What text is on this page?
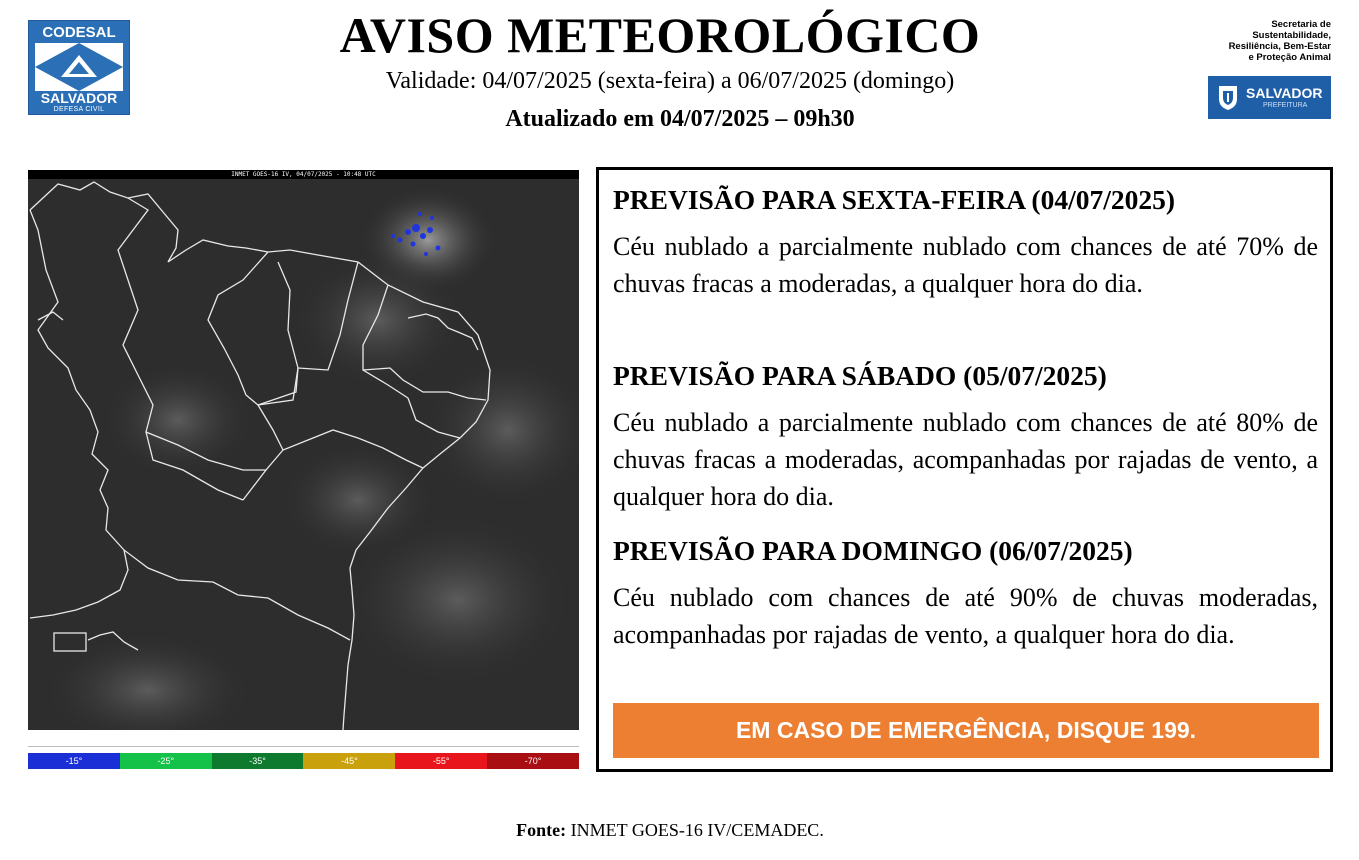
CODESAL
SALVADOR
DEFESA CIVIL
AVISO METEOROLÓGICO
Validade: 04/07/2025 (sexta-feira) a 06/07/2025 (domingo)
Atualizado em 04/07/2025 – 09h30
Secretaria de
Sustentabilidade,
Resiliência, Bem-Estar
e Proteção Animal
SALVADOR
PREFEITURA
INMET GOES-16 IV, 04/07/2025 - 10:48 UTC
-15°	-25°	-35°	-45°	-55°	-70°
PREVISÃO PARA SEXTA-FEIRA (04/07/2025)
Céu nublado a parcialmente nublado com chances de até 70% de chuvas fracas a moderadas, a qualquer hora do dia.
PREVISÃO PARA SÁBADO (05/07/2025)
Céu nublado a parcialmente nublado com chances de até 80% de chuvas fracas a moderadas, acompanhadas por rajadas de vento, a qualquer hora do dia.
PREVISÃO PARA DOMINGO (06/07/2025)
Céu nublado com chances de até 90% de chuvas moderadas, acompanhadas por rajadas de vento, a qualquer hora do dia.
EM CASO DE EMERGÊNCIA, DISQUE 199.
Fonte: INMET GOES-16 IV/CEMADEC.
